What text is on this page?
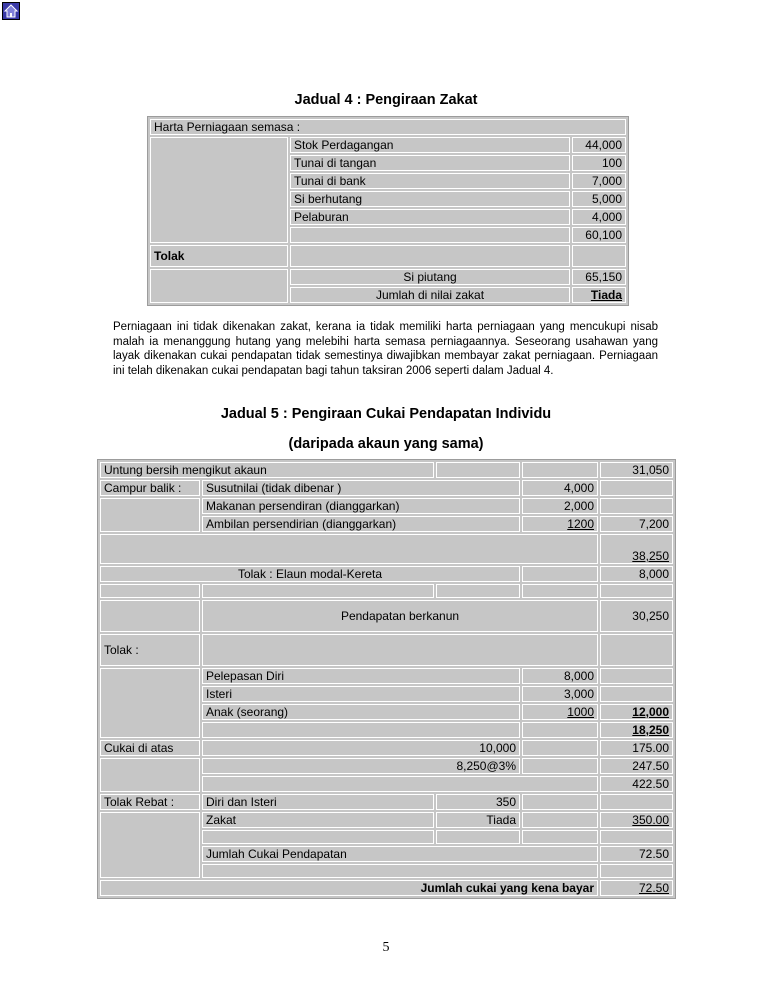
Jadual 4 : Pengiraan Zakat
Harta Perniagaan semasa :		
	Stok Perdagangan	44,000
	Tunai di tangan	100
	Tunai di bank	7,000
	Si berhutang	5,000
	Pelaburan	4,000
		60,100
Tolak		
	Si piutang	65,150
	Jumlah di nilai zakat	Tiada
Perniagaan ini tidak dikenakan zakat, kerana ia tidak memiliki harta perniagaan yang mencukupi nisab malah ia menanggung hutang yang melebihi harta semasa perniagaannya. Seseorang usahawan yang layak dikenakan cukai pendapatan tidak semestinya diwajibkan membayar zakat perniagaan. Perniagaan ini telah dikenakan cukai pendapatan bagi tahun taksiran 2006 seperti dalam Jadual 4.
Jadual 5 : Pengiraan Cukai Pendapatan Individu
(daripada akaun yang sama)
Untung bersih mengikut akaun				31,050
Campur balik :	Susutnilai (tidak dibenar )		4,000	
	Makanan persendiran (dianggarkan)		2,000	
	Ambilan persendirian (dianggarkan)		1200	7,200
				38,250
Tolak : Elaun modal-Kereta				8,000

	Pendapatan berkanun			30,250
Tolak :				
	Pelepasan Diri		8,000	
	Isteri		3,000	
	Anak (seorang)		1000	12,000
				18,250
Cukai di atas	10,000			175.00
	8,250@3%			247.50
				422.50
Tolak Rebat :	Diri dan Isteri	350		
	Zakat	Tiada		350.00

	Jumlah Cukai Pendapatan			72.50

Jumlah cukai yang kena bayar				72.50
5
